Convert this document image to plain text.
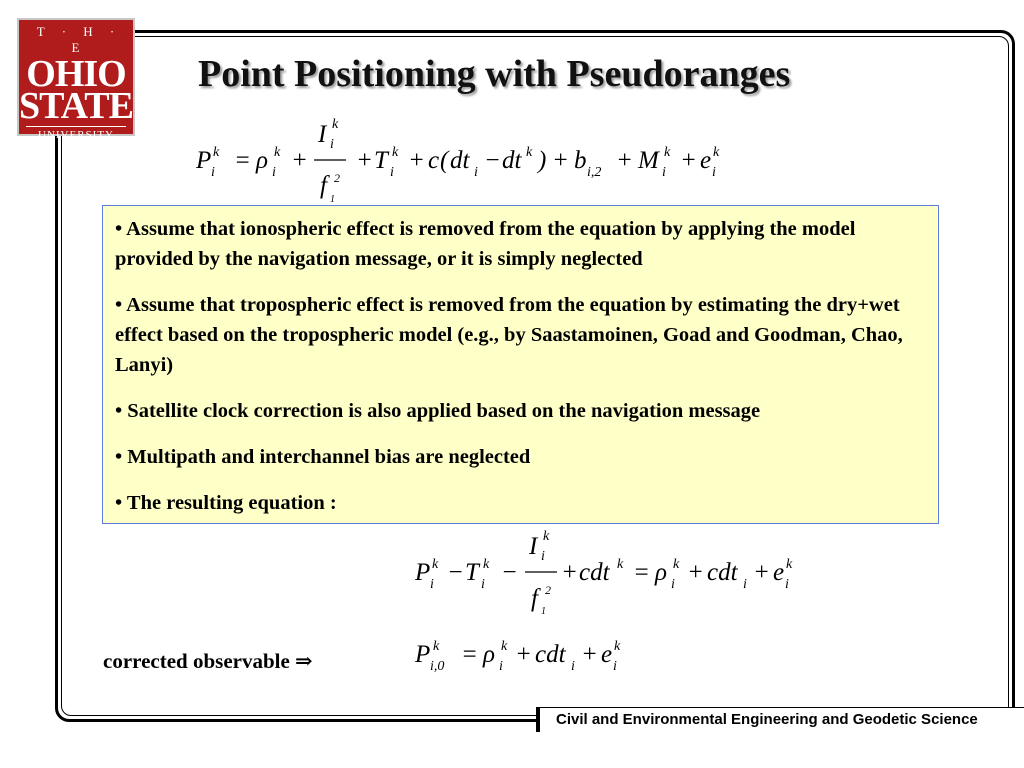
T · H · E
OHIO
STATE
UNIVERSITY
Point Positioning with Pseudoranges
P k
i = ρ k
i +
I k
i
f 2
1
+ T k
i + c ( dt i − dt k ) + b i,2 + M k
i + e k
i
• Assume that ionospheric effect is removed from the equation by applying the model provided by the navigation message, or it is simply neglected
• Assume that tropospheric effect is removed from the equation by estimating the dry+wet effect based on the tropospheric model (e.g., by Saastamoinen, Goad and Goodman, Chao, Lanyi)
• Satellite clock correction is also applied based on the navigation message
• Multipath and interchannel bias are neglected
• The resulting equation :
P k
i − T k
i −
I k
i
f 2
1
+ cdt k = ρ k
i + cdt i + e k
i
corrected observable ⇒	P k
i,0 = ρ k
i + cdt i + e k
i
Civil and Environmental Engineering and Geodetic Science
